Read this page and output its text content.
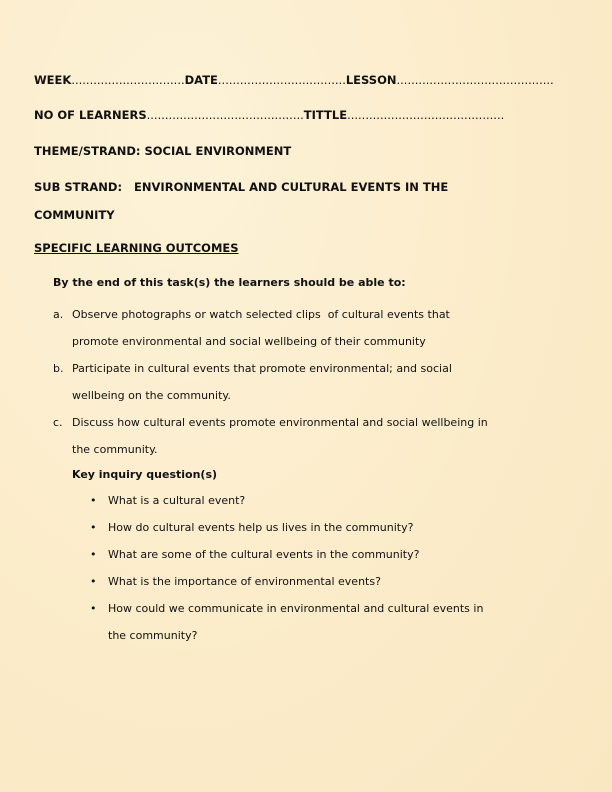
WEEK...............................DATE...................................LESSON...........................................
NO OF LEARNERS...........................................TITTLE...........................................
THEME/STRAND: SOCIAL ENVIRONMENT
SUB STRAND:   ENVIRONMENTAL AND CULTURAL EVENTS IN THE
COMMUNITY
SPECIFIC LEARNING OUTCOMES
By the end of this task(s) the learners should be able to:
a. Observe photographs or watch selected clips  of cultural events that
promote environmental and social wellbeing of their community
b. Participate in cultural events that promote environmental; and social
wellbeing on the community.
c. Discuss how cultural events promote environmental and social wellbeing in
the community.
Key inquiry question(s)
• What is a cultural event?
• How do cultural events help us lives in the community?
• What are some of the cultural events in the community?
• What is the importance of environmental events?
• How could we communicate in environmental and cultural events in
the community?
